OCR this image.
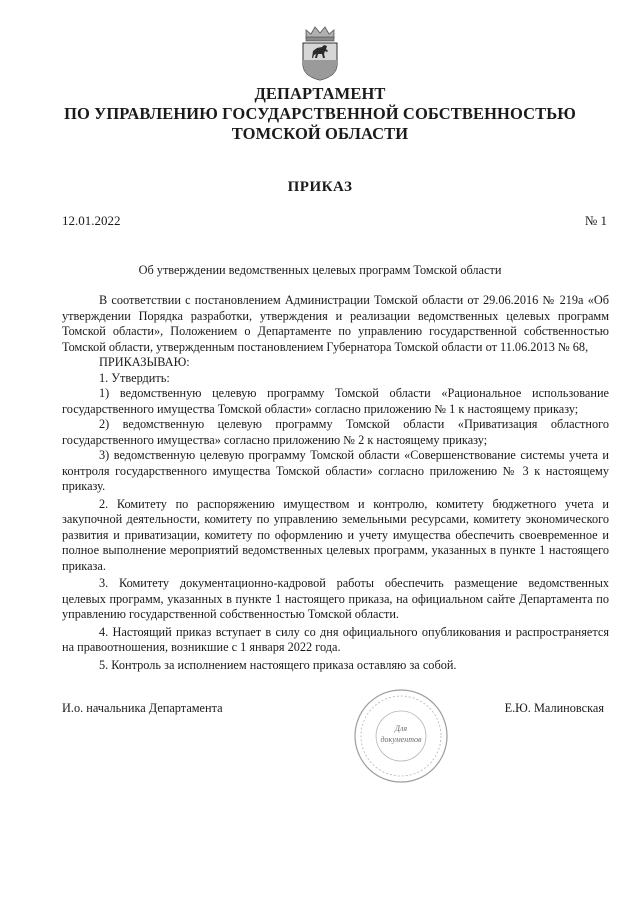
ДЕПАРТАМЕНТ
ПО УПРАВЛЕНИЮ ГОСУДАРСТВЕННОЙ СОБСТВЕННОСТЬЮ
ТОМСКОЙ ОБЛАСТИ
ПРИКАЗ
12.01.2022	№ 1
Об утверждении ведомственных целевых программ Томской области

В соответствии с постановлением Администрации Томской области от 29.06.2016 № 219а «Об утверждении Порядка разработки, утверждения и реализации ведомственных целевых программ Томской области», Положением о Департаменте по управлению государственной собственностью Томской области, утвержденным постановлением Губернатора Томской области от 11.06.2013 № 68,

ПРИКАЗЫВАЮ:

1. Утвердить:

1) ведомственную целевую программу Томской области «Рациональное использование государственного имущества Томской области» согласно приложению № 1 к настоящему приказу;

2) ведомственную целевую программу Томской области «Приватизация областного государственного имущества» согласно приложению № 2 к настоящему приказу;

3) ведомственную целевую программу Томской области «Совершенствование системы учета и контроля государственного имущества Томской области» согласно приложению № 3 к настоящему приказу.

2. Комитету по распоряжению имуществом и контролю, комитету бюджетного учета и закупочной деятельности, комитету по управлению земельными ресурсами, комитету экономического развития и приватизации, комитету по оформлению и учету имущества обеспечить своевременное и полное выполнение мероприятий ведомственных целевых программ, указанных в пункте 1 настоящего приказа.

3. Комитету документационно-кадровой работы обеспечить размещение ведомственных целевых программ, указанных в пункте 1 настоящего приказа, на официальном сайте Департамента по управлению государственной собственностью Томской области.

4. Настоящий приказ вступает в силу со дня официального опубликования и распространяется на правоотношения, возникшие с 1 января 2022 года.

5. Контроль за исполнением настоящего приказа оставляю за собой.

И.о. начальника Департамента	Е.Ю. Малиновская
Для
документов
